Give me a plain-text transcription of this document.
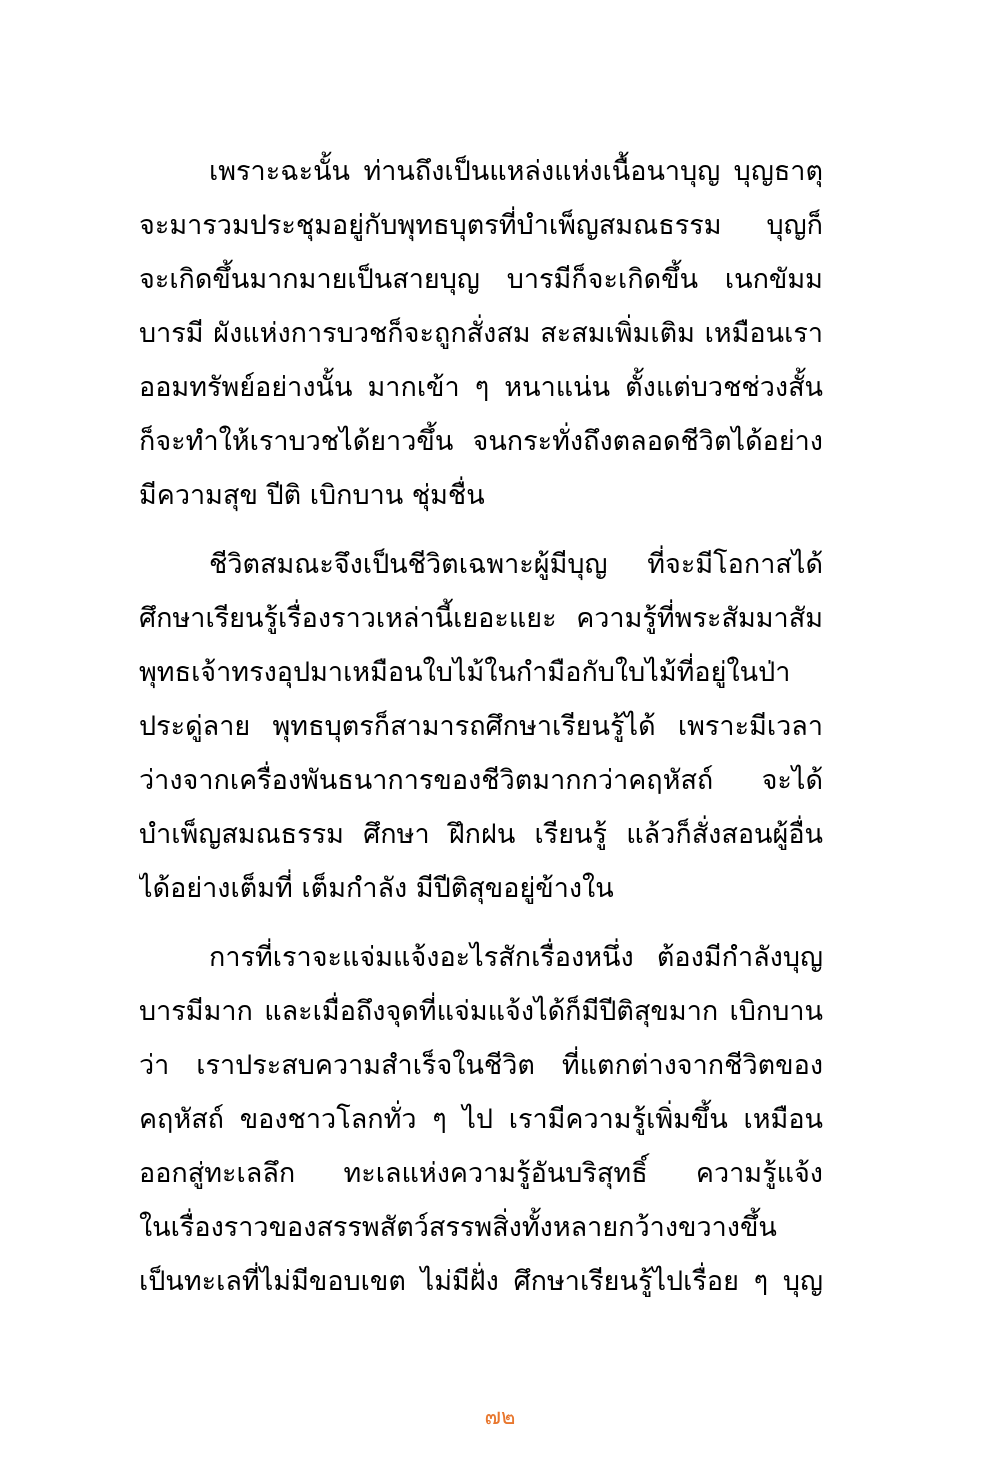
เพราะฉะนั้น ท่านถึงเป็นแหล่งแห่งเนื้อนาบุญ บุญธาตุ
จะมารวมประชุมอยู่กับพุทธบุตรที่บำเพ็ญสมณธรรม บุญก็
จะเกิดขึ้นมากมายเป็นสายบุญ บารมีก็จะเกิดขึ้น เนกขัมม
บารมี ผังแห่งการบวชก็จะถูกสั่งสม สะสมเพิ่มเติม เหมือนเรา
ออมทรัพย์อย่างนั้น มากเข้า ๆ หนาแน่น ตั้งแต่บวชช่วงสั้น
ก็จะทำให้เราบวชได้ยาวขึ้น จนกระทั่งถึงตลอดชีวิตได้อย่าง
มีความสุข ปีติ เบิกบาน ชุ่มชื่น
ชีวิตสมณะจึงเป็นชีวิตเฉพาะผู้มีบุญ ที่จะมีโอกาสได้
ศึกษาเรียนรู้เรื่องราวเหล่านี้เยอะแยะ ความรู้ที่พระสัมมาสัม
พุทธเจ้าทรงอุปมาเหมือนใบไม้ในกำมือกับใบไม้ที่อยู่ในป่า
ประดู่ลาย พุทธบุตรก็สามารถศึกษาเรียนรู้ได้ เพราะมีเวลา
ว่างจากเครื่องพันธนาการของชีวิตมากกว่าคฤหัสถ์ จะได้
บำเพ็ญสมณธรรม ศึกษา ฝึกฝน เรียนรู้ แล้วก็สั่งสอนผู้อื่น
ได้อย่างเต็มที่ เต็มกำลัง มีปีติสุขอยู่ข้างใน
การที่เราจะแจ่มแจ้งอะไรสักเรื่องหนึ่ง ต้องมีกำลังบุญ
บารมีมาก และเมื่อถึงจุดที่แจ่มแจ้งได้ก็มีปีติสุขมาก เบิกบาน
ว่า เราประสบความสำเร็จในชีวิต ที่แตกต่างจากชีวิตของ
คฤหัสถ์ ของชาวโลกทั่ว ๆ ไป เรามีความรู้เพิ่มขึ้น เหมือน
ออกสู่ทะเลลึก ทะเลแห่งความรู้อันบริสุทธิ์ ความรู้แจ้ง
ในเรื่องราวของสรรพสัตว์สรรพสิ่งทั้งหลายกว้างขวางขึ้น
เป็นทะเลที่ไม่มีขอบเขต ไม่มีฝั่ง ศึกษาเรียนรู้ไปเรื่อย ๆ บุญ
๗๒
